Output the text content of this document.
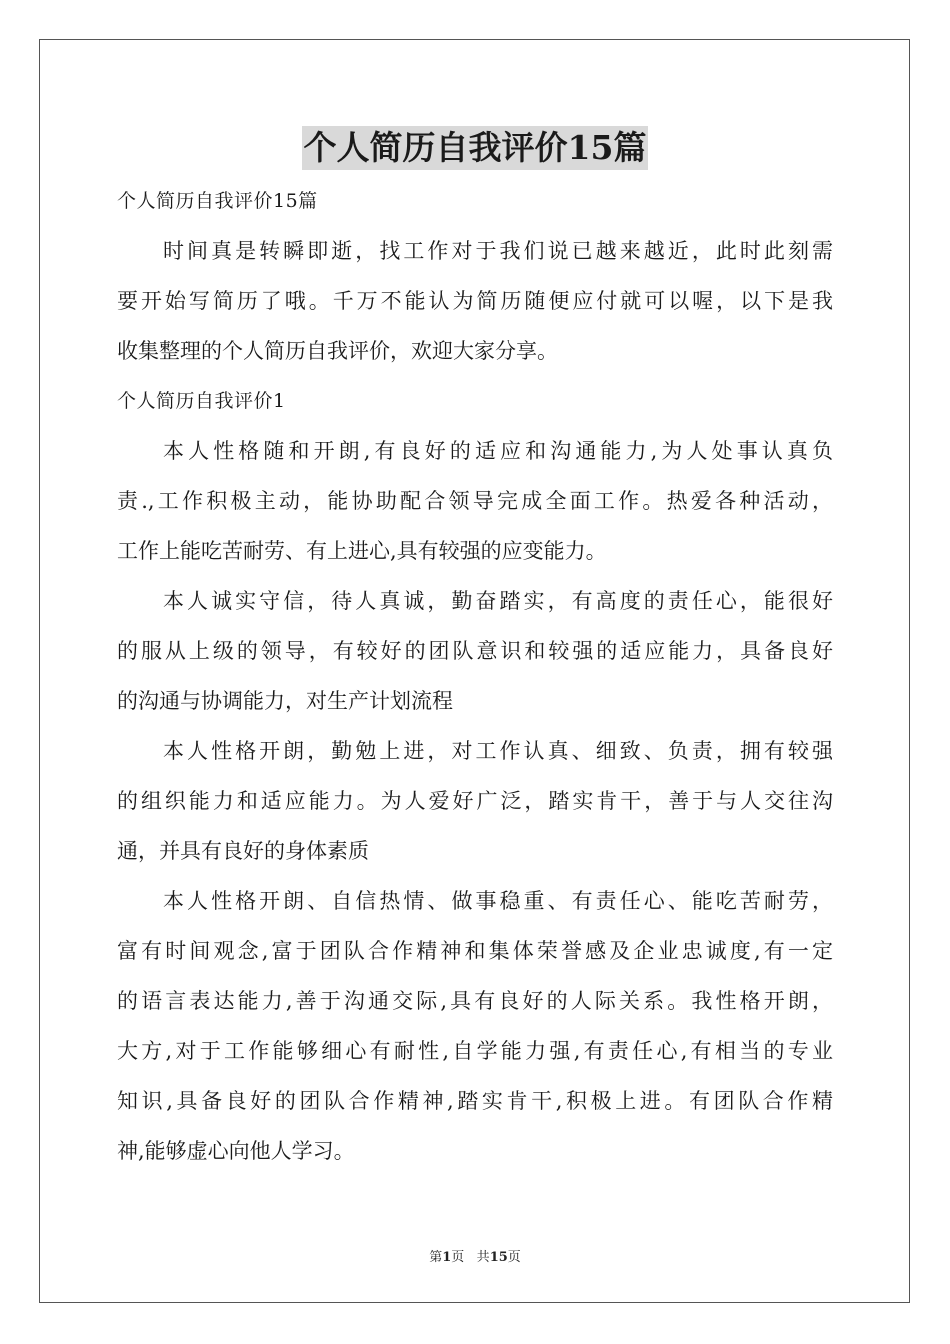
个人简历自我评价15篇
个人简历自我评价15篇
时间真是转瞬即逝，找工作对于我们说已越来越近，此时此刻需
要开始写简历了哦。千万不能认为简历随便应付就可以喔，以下是我
收集整理的个人简历自我评价，欢迎大家分享。
个人简历自我评价1
本人性格随和开朗,有良好的适应和沟通能力,为人处事认真负
责.,工作积极主动，能协助配合领导完成全面工作。热爱各种活动，
工作上能吃苦耐劳、有上进心,具有较强的应变能力。
本人诚实守信，待人真诚，勤奋踏实，有高度的责任心，能很好
的服从上级的领导，有较好的团队意识和较强的适应能力，具备良好
的沟通与协调能力，对生产计划流程
本人性格开朗，勤勉上进，对工作认真、细致、负责，拥有较强
的组织能力和适应能力。为人爱好广泛，踏实肯干，善于与人交往沟
通，并具有良好的身体素质
本人性格开朗、自信热情、做事稳重、有责任心、能吃苦耐劳，
富有时间观念,富于团队合作精神和集体荣誉感及企业忠诚度,有一定
的语言表达能力,善于沟通交际,具有良好的人际关系。我性格开朗，
大方,对于工作能够细心有耐性,自学能力强,有责任心,有相当的专业
知识,具备良好的团队合作精神,踏实肯干,积极上进。有团队合作精
神,能够虚心向他人学习。
第1页 共15页
